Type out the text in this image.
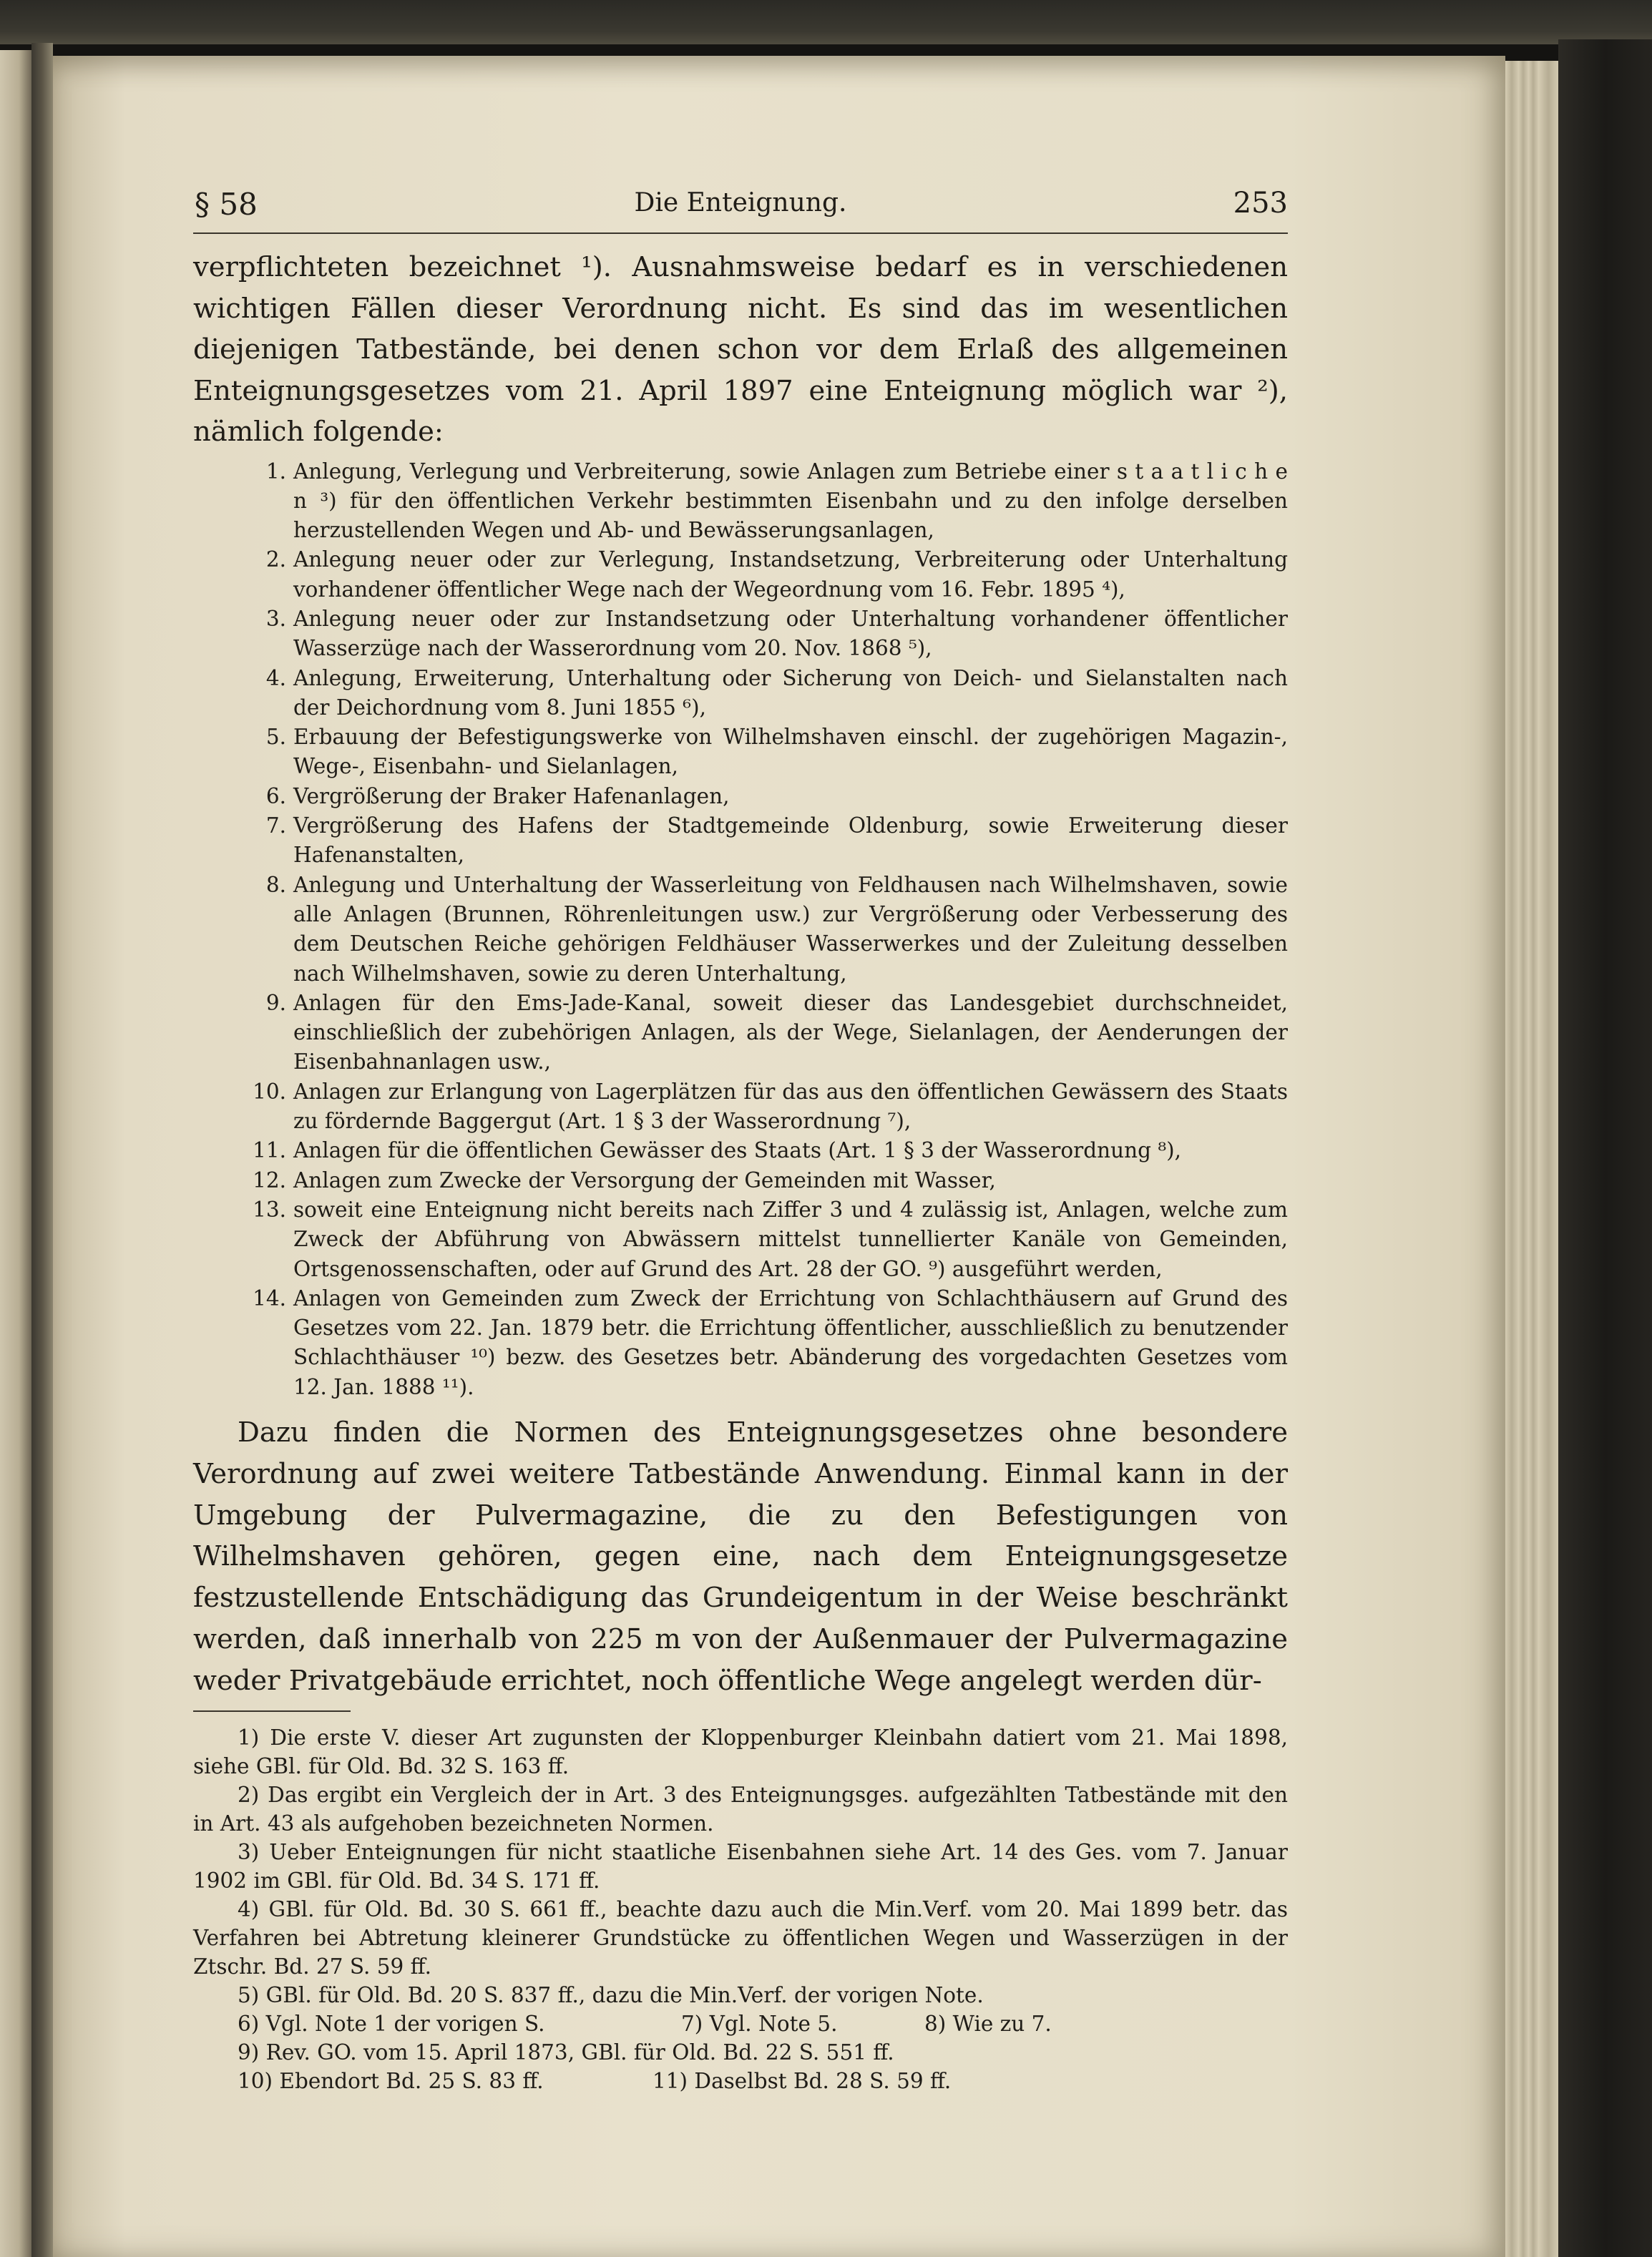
§ 58	Die Enteignung.	253

verpflichteten bezeichnet ¹). Ausnahmsweise bedarf es in verschiedenen wichtigen Fällen dieser Verordnung nicht. Es sind das im wesentlichen diejenigen Tatbestände, bei denen schon vor dem Erlaß des allgemeinen Enteignungsgesetzes vom 21. April 1897 eine Enteignung möglich war ²), nämlich folgende:

1. Anlegung, Verlegung und Verbreiterung, sowie Anlagen zum Betriebe einer s t a a t l i c h e n ³) für den öffentlichen Verkehr bestimmten Eisenbahn und zu den infolge derselben herzustellenden Wegen und Ab- und Bewässerungsanlagen,
2. Anlegung neuer oder zur Verlegung, Instandsetzung, Verbreiterung oder Unterhaltung vorhandener öffentlicher Wege nach der Wegeordnung vom 16. Febr. 1895 ⁴),
3. Anlegung neuer oder zur Instandsetzung oder Unterhaltung vorhandener öffentlicher Wasserzüge nach der Wasserordnung vom 20. Nov. 1868 ⁵),
4. Anlegung, Erweiterung, Unterhaltung oder Sicherung von Deich- und Sielanstalten nach der Deichordnung vom 8. Juni 1855 ⁶),
5. Erbauung der Befestigungswerke von Wilhelmshaven einschl. der zugehörigen Magazin-, Wege-, Eisenbahn- und Sielanlagen,
6. Vergrößerung der Braker Hafenanlagen,
7. Vergrößerung des Hafens der Stadtgemeinde Oldenburg, sowie Erweiterung dieser Hafenanstalten,
8. Anlegung und Unterhaltung der Wasserleitung von Feldhausen nach Wilhelmshaven, sowie alle Anlagen (Brunnen, Röhrenleitungen usw.) zur Vergrößerung oder Verbesserung des dem Deutschen Reiche gehörigen Feldhäuser Wasserwerkes und der Zuleitung desselben nach Wilhelmshaven, sowie zu deren Unterhaltung,
9. Anlagen für den Ems-Jade-Kanal, soweit dieser das Landesgebiet durchschneidet, einschließlich der zubehörigen Anlagen, als der Wege, Sielanlagen, der Aenderungen der Eisenbahnanlagen usw.,
10. Anlagen zur Erlangung von Lagerplätzen für das aus den öffentlichen Gewässern des Staats zu fördernde Baggergut (Art. 1 § 3 der Wasserordnung ⁷),
11. Anlagen für die öffentlichen Gewässer des Staats (Art. 1 § 3 der Wasserordnung ⁸),
12. Anlagen zum Zwecke der Versorgung der Gemeinden mit Wasser,
13. soweit eine Enteignung nicht bereits nach Ziffer 3 und 4 zulässig ist, Anlagen, welche zum Zweck der Abführung von Abwässern mittelst tunnellierter Kanäle von Gemeinden, Ortsgenossenschaften, oder auf Grund des Art. 28 der GO. ⁹) ausgeführt werden,
14. Anlagen von Gemeinden zum Zweck der Errichtung von Schlachthäusern auf Grund des Gesetzes vom 22. Jan. 1879 betr. die Errichtung öffentlicher, ausschließlich zu benutzender Schlachthäuser ¹⁰) bezw. des Gesetzes betr. Abänderung des vorgedachten Gesetzes vom 12. Jan. 1888 ¹¹).
Dazu finden die Normen des Enteignungsgesetzes ohne besondere Verordnung auf zwei weitere Tatbestände Anwendung. Einmal kann in der Umgebung der Pulvermagazine, die zu den Befestigungen von Wilhelmshaven gehören, gegen eine, nach dem Enteignungsgesetze festzustellende Entschädigung das Grundeigentum in der Weise beschränkt werden, daß innerhalb von 225 m von der Außenmauer der Pulvermagazine weder Privatgebäude errichtet, noch öffentliche Wege angelegt werden dür-
1) Die erste V. dieser Art zugunsten der Kloppenburger Kleinbahn datiert vom 21. Mai 1898, siehe GBl. für Old. Bd. 32 S. 163 ff.
2) Das ergibt ein Vergleich der in Art. 3 des Enteignungsges. aufgezählten Tatbestände mit den in Art. 43 als aufgehoben bezeichneten Normen.
3) Ueber Enteignungen für nicht staatliche Eisenbahnen siehe Art. 14 des Ges. vom 7. Januar 1902 im GBl. für Old. Bd. 34 S. 171 ff.
4) GBl. für Old. Bd. 30 S. 661 ff., beachte dazu auch die Min.Verf. vom 20. Mai 1899 betr. das Verfahren bei Abtretung kleinerer Grundstücke zu öffentlichen Wegen und Wasserzügen in der Ztschr. Bd. 27 S. 59 ff.
5) GBl. für Old. Bd. 20 S. 837 ff., dazu die Min.Verf. der vorigen Note.
6) Vgl. Note 1 der vorigen S.	7) Vgl. Note 5.	8) Wie zu 7.
9) Rev. GO. vom 15. April 1873, GBl. für Old. Bd. 22 S. 551 ff.
10) Ebendort Bd. 25 S. 83 ff.	11) Daselbst Bd. 28 S. 59 ff.
